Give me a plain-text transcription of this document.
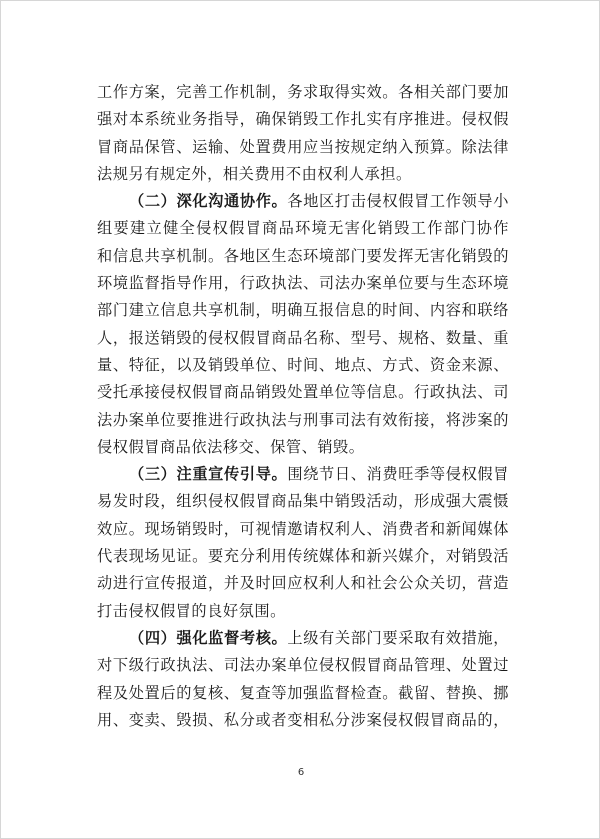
工作方案，完善工作机制，务求取得实效。各相关部门要加
强对本系统业务指导，确保销毁工作扎实有序推进。侵权假
冒商品保管、运输、处置费用应当按规定纳入预算。除法律
法规另有规定外，相关费用不由权利人承担。
（二）深化沟通协作。各地区打击侵权假冒工作领导小
组要建立健全侵权假冒商品环境无害化销毁工作部门协作
和信息共享机制。各地区生态环境部门要发挥无害化销毁的
环境监督指导作用，行政执法、司法办案单位要与生态环境
部门建立信息共享机制，明确互报信息的时间、内容和联络
人，报送销毁的侵权假冒商品名称、型号、规格、数量、重
量、特征，以及销毁单位、时间、地点、方式、资金来源、
受托承接侵权假冒商品销毁处置单位等信息。行政执法、司
法办案单位要推进行政执法与刑事司法有效衔接，将涉案的
侵权假冒商品依法移交、保管、销毁。
（三）注重宣传引导。围绕节日、消费旺季等侵权假冒
易发时段，组织侵权假冒商品集中销毁活动，形成强大震慑
效应。现场销毁时，可视情邀请权利人、消费者和新闻媒体
代表现场见证。要充分利用传统媒体和新兴媒介，对销毁活
动进行宣传报道，并及时回应权利人和社会公众关切，营造
打击侵权假冒的良好氛围。
（四）强化监督考核。上级有关部门要采取有效措施，
对下级行政执法、司法办案单位侵权假冒商品管理、处置过
程及处置后的复核、复查等加强监督检查。截留、替换、挪
用、变卖、毁损、私分或者变相私分涉案侵权假冒商品的，
6
